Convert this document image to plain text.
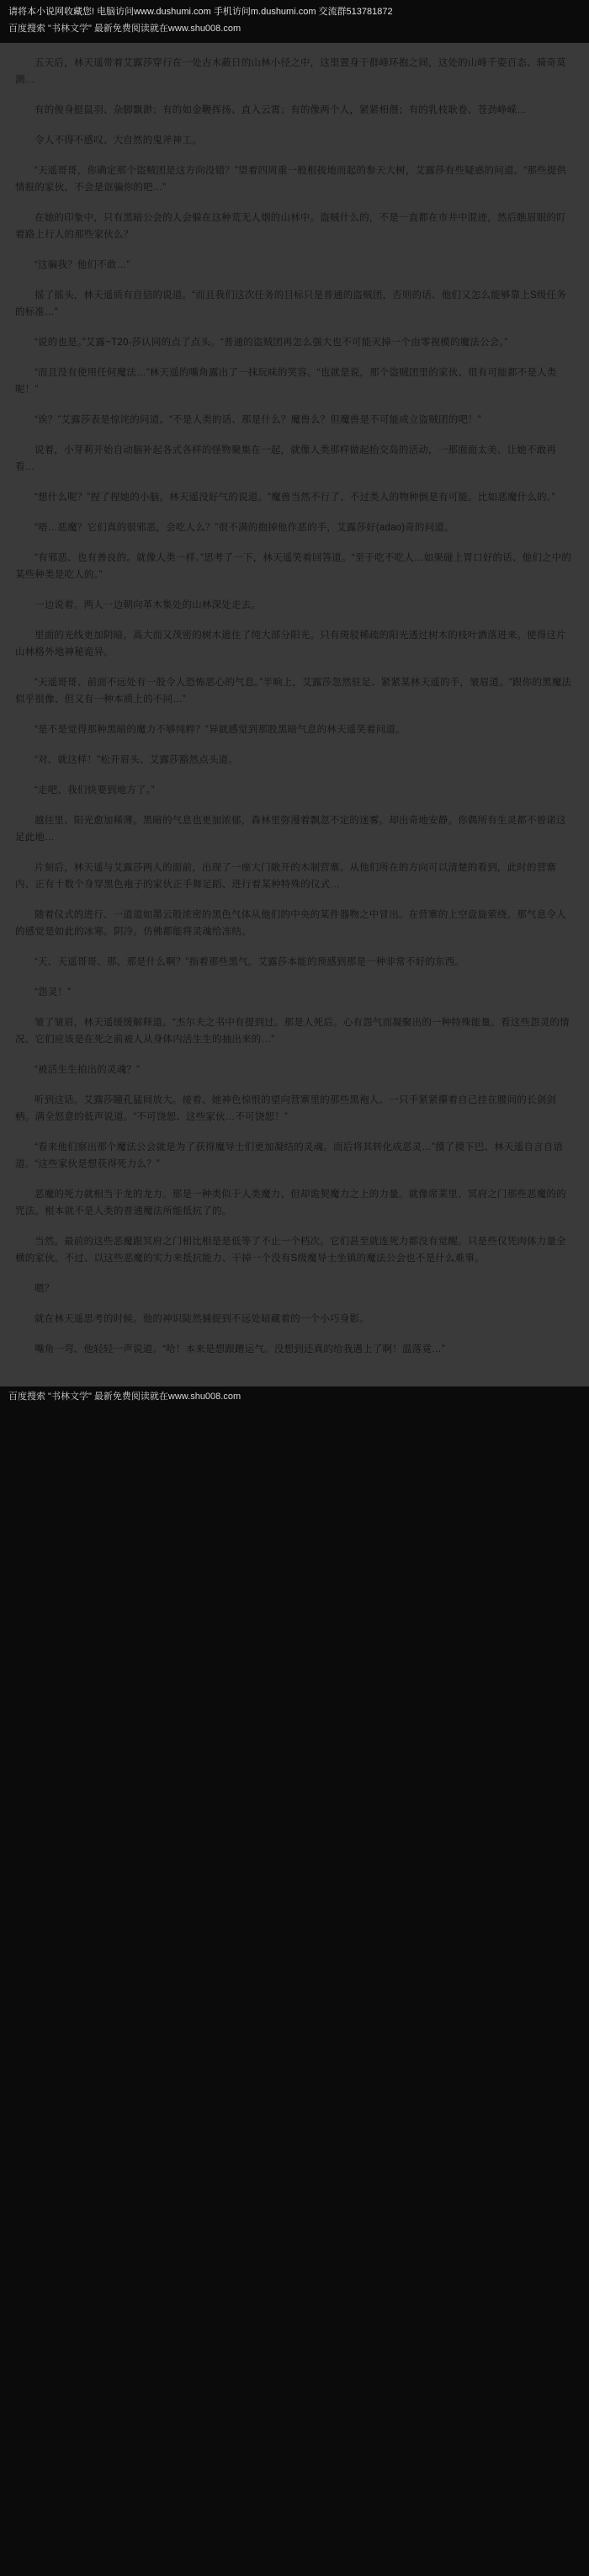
请将本小说网收藏您! 电脑访问www.dushumi.com 手机访问m.dushumi.com 交流群513781872
百度搜索 "书林文学" 最新免费阅读就在www.shu008.com

五天后，林天遥带着艾露莎穿行在一处古木蔽日的山林小径之中，这里置身于群峰环抱之间，这处的山峰千姿百态、骑奇莫测…

有的俊身挺鼠羽、杂脚飘渺；有的如金鞭挥扬、直入云霄；有的像两个人，紧紧相偎；有的乳枝耿卷、苍劲峥嵘…

令人不得不感叹、大自然的鬼斧神工。

“天遥哥哥，你确定那个盗贼团是这方向没错？”望着四周重一般根拔地而起的参天大树，艾露莎有些疑惑的问道。“那些提供情报的家伙，不会是诓骗你的吧…”

在她的印象中，只有黑暗公会的人会躲在这种荒无人烟的山林中。盗贼什么的，不是一直都在市井中混迹，然后瞧眉眼的盯着路上行人的那些家伙么？

“这骗我？他们不敢…”

摇了摇头，林天遥质有自信的说道。“而且我们这次任务的目标只是普通的盗贼团，否则的话、他们又怎么能够靠上S级任务的标准…”

“说的也是。”艾露~T20-莎认同的点了点头。“普通的盗贼团再怎么强大也不可能灭掉一个由零视模的魔法公会。”

“而且没有使用任何魔法…”林天遥的嘴角露出了一抹玩味的笑容。“也就是说，那个盗贼团里的家伙、很有可能都不是人类呢！”

“诶？”艾露莎表是惊诧的问道。“不是人类的话、那是什么？魔兽么？但魔兽是不可能成立盗贼团的吧！”

说着，小芽莉开始自动脑补起各式各样的怪物聚集在一起，就像人类那样做起抬交岛的活动，一那面面太美、让她不敢再看…

“想什么呢？”捏了捏她的小脑。林天遥没好气的说道。“魔兽当然不行了、不过类人的物种倒是有可能。比如恶魔什么的。”

“唔…恶魔？它们真的很邪恶，会吃人么？”很不满的抱掉他作恶的手，艾露莎好(adao)奇的问道。

“有邪恶、也有善良的。就像人类一样。”思考了一下，林天遥笑着回答道。“至于吃不吃人…如果碰上胃口好的话、他们之中的某些种类是吃人的。”

一边说着。两人一边朝向革木集处的山林深处走去。

里面的光线更加阴暗。高大而又茂密的树木遮住了纯大部分阳光。只有斑驳稀疏的阳光透过树木的枝叶洒落进来。使得这片山林格外地神秘诡异。

“天遥哥哥、前面不远处有一股令人恐怖恶心的气息。”半晌上，艾露莎忽然驻足、紧紧某林天遥的手，皱眉道。“跟你的黑魔法似乎很像、但又有一种本质上的不同…”

“是不是觉得那种黑暗的魔力不够纯粹？”异就感觉到那股黑暗气息的林天遥笑着问道。

“对、就这样！”松开眉头、艾露莎豁然点头道。

“走吧、我们快要到地方了。”

越往里、阳光愈加稀薄。黑暗的气息也更加浓郁，森林里弥漫着飘忽不定的迷雾。却出奇地安静。你偶所有生灵都不曾诺这足此地…

片刻后，林天遥与艾露莎两人的面前，出现了一座大门敞开的木制营寨。从他们所在的方向可以清楚的看到，此时的营寨内、正有十数个身穿黑色袍子的家伙正手舞足蹈、进行着某种特殊的仪式…

随着仪式的进行、一道道如墨云般浓密的黑色气体从他们的中央的某件器物之中冒出。在营寨的上空盘旋萦绕。那气息令人的感觉是如此的冰寒。阴冷。仿佛都能将灵魂给冻结。

“天、天遥哥哥、那、那是什么啊？”指着那些黑气。艾露莎本能的预感到那是一种非常不好的东西。

“怨灵！”

皱了皱眉，林天遥缓缓解释道。“杰尔夫之书中有提到过。那是人死后。心有怨气而凝聚出的一种特殊能量。看这些怨灵的情况、它们应该是在死之前被人从身体内活生生的抽出来的…”

“被活生生拍出的灵魂？”

听到这话。艾露莎瞳孔猛间放大。接着、她神色惊恨的望向营寨里的那些黑袍人。一只手紧紧攥着自己挂在腰间的长剑剑柄。满全怒意的低声说道。“不可饶恕、这些家伙…不可饶恕！”

“看来他们察出那个魔法公会就是为了获得魔导士们更加凝结的灵魂。而后将其转化成恶灵…”摸了摸下巴、林天遥自言自语道。“这些家伙是想获得死力么？”

恶魔的死力就相当于龙的龙力。那是一种类似于人类魔力、但却诡契魔力之上的力量。就像席莱里、冥府之门那些恶魔的的咒法。根本就不是人类的普通魔法所能抵抗了的。

当然。最前的这些恶魔跟冥府之门相比相是是低等了不止一个档次。它们甚至就连死力都没有觉醒。只是些仅凭肉体力量全横的家伙。不过、以这些恶魔的实力来抵抗能力、干掉一个没有S级魔导士坐镇的魔法公会也不是什么难事。

嗯？

就在林天遥思考的时候。他的神识陡然捕捉到不远处暗藏着的一个小巧身影。

嘴角一弯、他轻轻一声说道。“哈！本来是想跟蹭运气。没想到还真的给我遇上了啊！温落竟…”

百度搜索 "书林文学" 最新免费阅读就在www.shu008.com
